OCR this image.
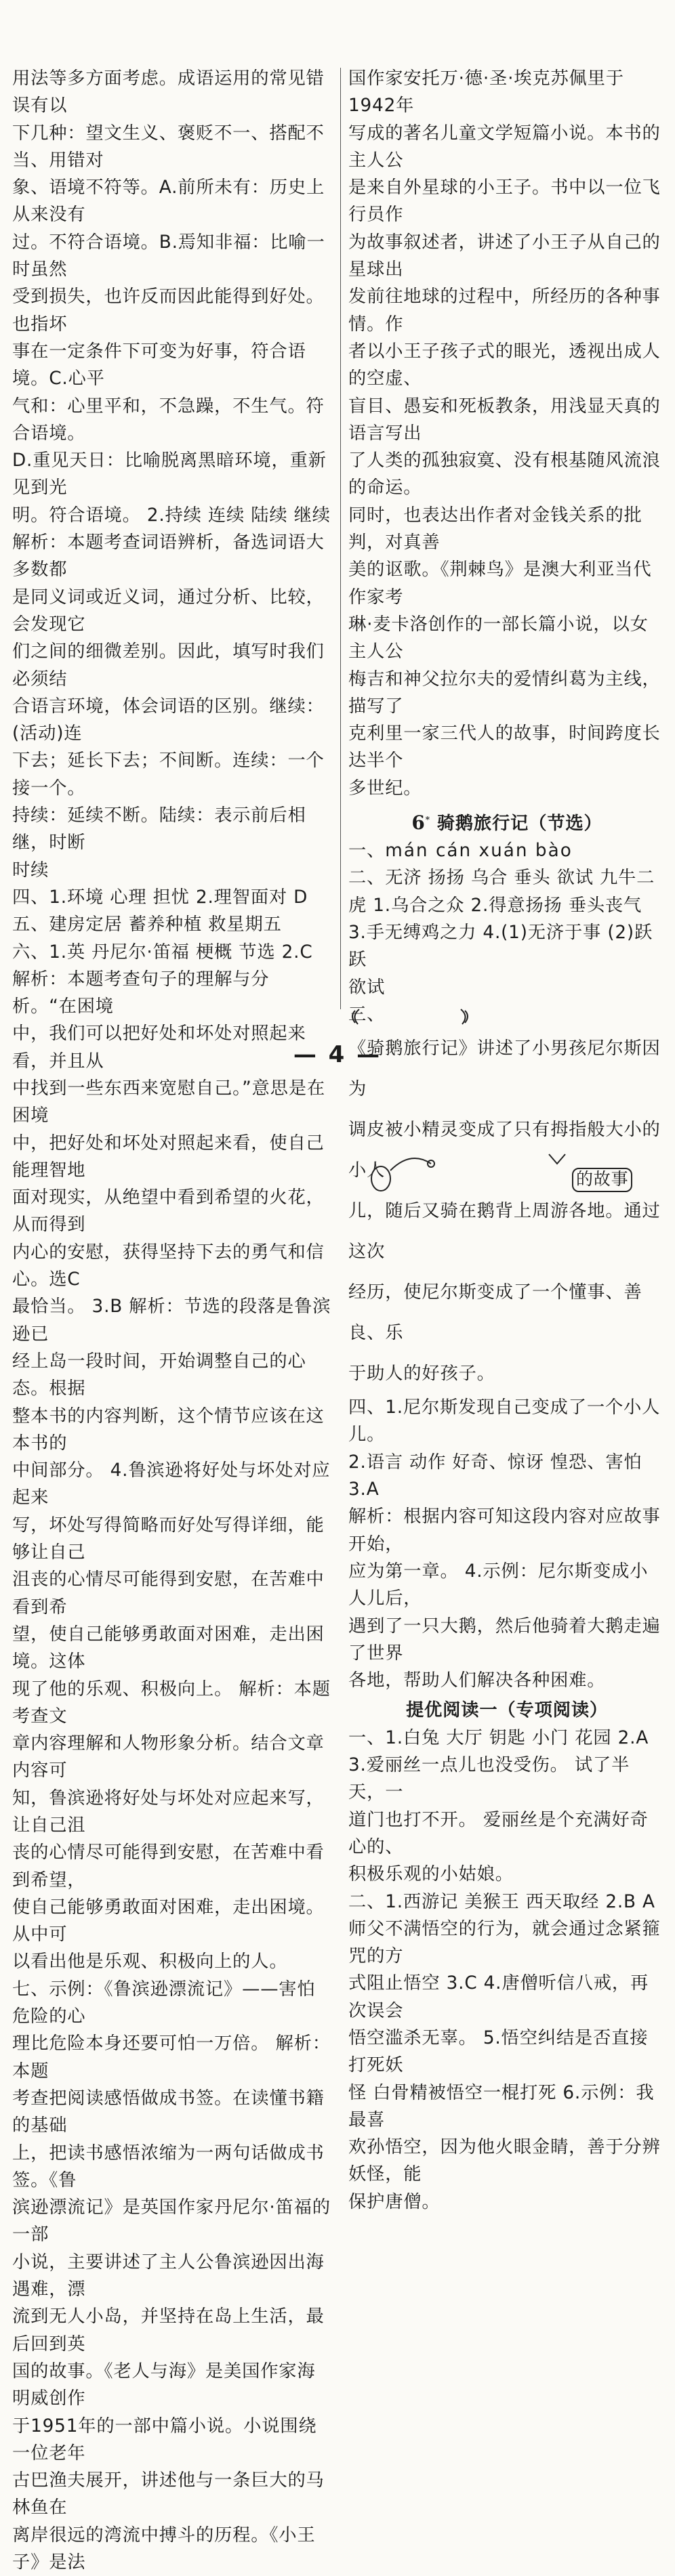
用法等多方面考虑。成语运用的常见错误有以

下几种：望文生义、褒贬不一、搭配不当、用错对

象、语境不符等。A.前所未有：历史上从来没有

过。不符合语境。B.焉知非福：比喻一时虽然

受到损失，也许反而因此能得到好处。也指坏

事在一定条件下可变为好事，符合语境。C.心平

气和：心里平和，不急躁，不生气。符合语境。

D.重见天日：比喻脱离黑暗环境，重新见到光

明。符合语境。 2.持续 连续 陆续 继续

解析：本题考查词语辨析，备选词语大多数都

是同义词或近义词，通过分析、比较，会发现它

们之间的细微差别。因此，填写时我们必须结

合语言环境，体会词语的区别。继续：(活动)连

下去；延长下去；不间断。连续：一个接一个。

持续：延续不断。陆续：表示前后相继，时断

时续

四、1.环境 心理 担忧 2.理智面对 D

五、建房定居 蓄养种植 救星期五

六、1.英 丹尼尔·笛福 梗概 节选 2.C

解析：本题考查句子的理解与分析。“在困境

中，我们可以把好处和坏处对照起来看，并且从

中找到一些东西来宽慰自己。”意思是在困境

中，把好处和坏处对照起来看，使自己能理智地

面对现实，从绝望中看到希望的火花，从而得到

内心的安慰，获得坚持下去的勇气和信心。选C

最恰当。 3.B 解析：节选的段落是鲁滨逊已

经上岛一段时间，开始调整自己的心态。根据

整本书的内容判断，这个情节应该在这本书的

中间部分。 4.鲁滨逊将好处与坏处对应起来

写，坏处写得简略而好处写得详细，能够让自己

沮丧的心情尽可能得到安慰，在苦难中看到希

望，使自己能够勇敢面对困难，走出困境。这体

现了他的乐观、积极向上。 解析：本题考查文

章内容理解和人物形象分析。结合文章内容可

知，鲁滨逊将好处与坏处对应起来写，让自己沮

丧的心情尽可能得到安慰，在苦难中看到希望，

使自己能够勇敢面对困难，走出困境。从中可

以看出他是乐观、积极向上的人。

七、示例：《鲁滨逊漂流记》——害怕危险的心

理比危险本身还要可怕一万倍。 解析：本题

考查把阅读感悟做成书签。在读懂书籍的基础

上，把读书感悟浓缩为一两句话做成书签。《鲁

滨逊漂流记》是英国作家丹尼尔·笛福的一部

小说，主要讲述了主人公鲁滨逊因出海遇难，漂

流到无人小岛，并坚持在岛上生活，最后回到英

国的故事。《老人与海》是美国作家海明威创作

于1951年的一部中篇小说。小说围绕一位老年

古巴渔夫展开，讲述他与一条巨大的马林鱼在

离岸很远的湾流中搏斗的历程。《小王子》是法

国作家安托万·德·圣·埃克苏佩里于1942年

写成的著名儿童文学短篇小说。本书的主人公

是来自外星球的小王子。书中以一位飞行员作

为故事叙述者，讲述了小王子从自己的星球出

发前往地球的过程中，所经历的各种事情。作

者以小王子孩子式的眼光，透视出成人的空虚、

盲目、愚妄和死板教条，用浅显天真的语言写出

了人类的孤独寂寞、没有根基随风流浪的命运。

同时，也表达出作者对金钱关系的批判，对真善

美的讴歌。《荆棘鸟》是澳大利亚当代作家考

琳·麦卡洛创作的一部长篇小说，以女主人公

梅吉和神父拉尔夫的爱情纠葛为主线，描写了

克利里一家三代人的故事，时间跨度长达半个

多世纪。

6* 骑鹅旅行记（节选）

一、mán cán xuán bào

二、无济 扬扬 乌合 垂头 欲试 九牛二

虎 1.乌合之众 2.得意扬扬 垂头丧气

3.手无缚鸡之力 4.(1)无济于事 (2)跃跃

欲试

三、

《骑鹅旅行记》讲述了小男孩尼尔斯因为

调皮被小精灵变成了只有拇指般大小的小人	的故事
儿，随后又骑在鹅背上周游各地。通过这次

经历，使尼尔斯变成了一个懂事、善良、乐

于助人的好孩子。

四、1.尼尔斯发现自己变成了一个小人儿。

2.语言 动作 好奇、惊讶 惶恐、害怕 3.A

解析：根据内容可知这段内容对应故事开始，

应为第一章。 4.示例：尼尔斯变成小人儿后，

遇到了一只大鹅，然后他骑着大鹅走遍了世界

各地，帮助人们解决各种困难。

提优阅读一（专项阅读）

一、1.白兔 大厅 钥匙 小门 花园 2.A

3.爱丽丝一点儿也没受伤。 试了半天，一

道门也打不开。 爱丽丝是个充满好奇心的、

积极乐观的小姑娘。

二、1.西游记 美猴王 西天取经 2.B A

师父不满悟空的行为，就会通过念紧箍咒的方

式阻止悟空 3.C 4.唐僧听信八戒，再次误会

悟空滥杀无辜。 5.悟空纠结是否直接打死妖

怪 白骨精被悟空一棍打死 6.示例：我最喜

欢孙悟空，因为他火眼金睛，善于分辨妖怪，能

保护唐僧。

— 4 —
